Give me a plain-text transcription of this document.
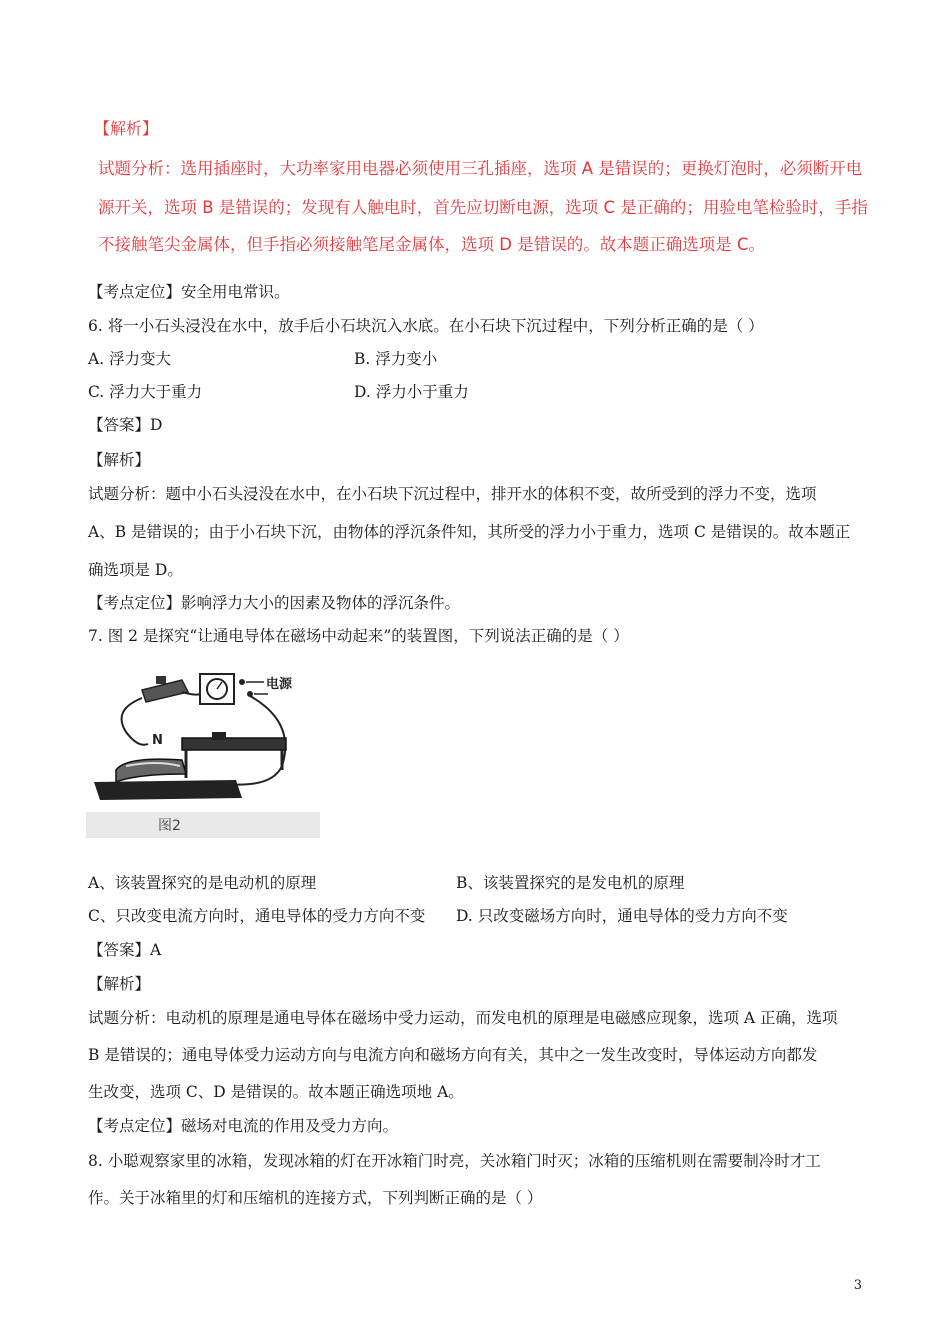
【解析】
试题分析：选用插座时，大功率家用电器必须使用三孔插座，选项 A 是错误的；更换灯泡时，必须断开电
源开关，选项 B 是错误的；发现有人触电时，首先应切断电源，选项 C 是正确的；用验电笔检验时，手指
不接触笔尖金属体，但手指必须接触笔尾金属体，选项 D 是错误的。故本题正确选项是 C。
【考点定位】安全用电常识。
6. 将一小石头浸没在水中，放手后小石块沉入水底。在小石块下沉过程中，下列分析正确的是（ ）
A. 浮力变大	B. 浮力变小
C. 浮力大于重力	D. 浮力小于重力
【答案】D
【解析】
试题分析：题中小石头浸没在水中，在小石块下沉过程中，排开水的体积不变，故所受到的浮力不变，选项
A、B 是错误的；由于小石块下沉，由物体的浮沉条件知，其所受的浮力小于重力，选项 C 是错误的。故本题正
确选项是 D。
【考点定位】影响浮力大小的因素及物体的浮沉条件。
7. 图 2 是探究“让通电导体在磁场中动起来”的装置图，下列说法正确的是（ ）
电源
N
图2
A、该装置探究的是电动机的原理	B、该装置探究的是发电机的原理
C、只改变电流方向时，通电导体的受力方向不变 D. 只改变磁场方向时，通电导体的受力方向不变
【答案】A
【解析】
试题分析：电动机的原理是通电导体在磁场中受力运动，而发电机的原理是电磁感应现象，选项 A 正确，选项
B 是错误的；通电导体受力运动方向与电流方向和磁场方向有关，其中之一发生改变时，导体运动方向都发
生改变，选项 C、D 是错误的。故本题正确选项地 A。
【考点定位】磁场对电流的作用及受力方向。
8. 小聪观察家里的冰箱，发现冰箱的灯在开冰箱门时亮，关冰箱门时灭；冰箱的压缩机则在需要制冷时才工
作。关于冰箱里的灯和压缩机的连接方式，下列判断正确的是（ ）
3
